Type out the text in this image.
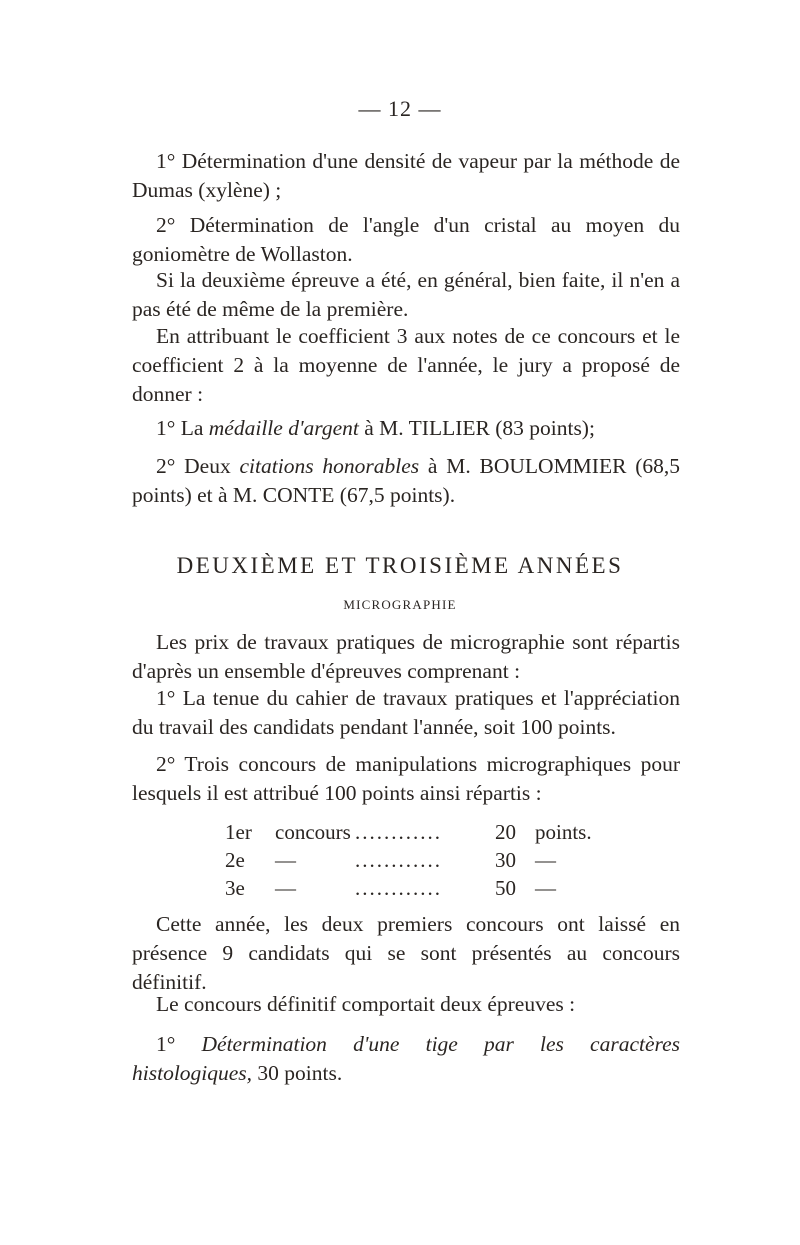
— 12 —

1° Détermination d'une densité de vapeur par la méthode de Dumas (xylène) ;

2° Détermination de l'angle d'un cristal au moyen du goniomètre de Wollaston.

Si la deuxième épreuve a été, en général, bien faite, il n'en a pas été de même de la première.

En attribuant le coefficient 3 aux notes de ce concours et le coefficient 2 à la moyenne de l'année, le jury a proposé de donner :

1° La médaille d'argent à M. TILLIER (83 points);

2° Deux citations honorables à M. BOULOMMIER (68,5 points) et à M. CONTE (67,5 points).

DEUXIÈME ET TROISIÈME ANNÉES
MICROGRAPHIE

Les prix de travaux pratiques de micrographie sont répartis d'après un ensemble d'épreuves comprenant :

1° La tenue du cahier de travaux pratiques et l'appréciation du travail des candidats pendant l'année, soit 100 points.

2° Trois concours de manipulations micrographiques pour lesquels il est attribué 100 points ainsi répartis :

1er concours ............	20 points.
2e —	............	30 —
3e —	............	50 —

Cette année, les deux premiers concours ont laissé en présence 9 candidats qui se sont présentés au concours définitif.

Le concours définitif comportait deux épreuves :

1° Détermination d'une tige par les caractères histologiques, 30 points.
